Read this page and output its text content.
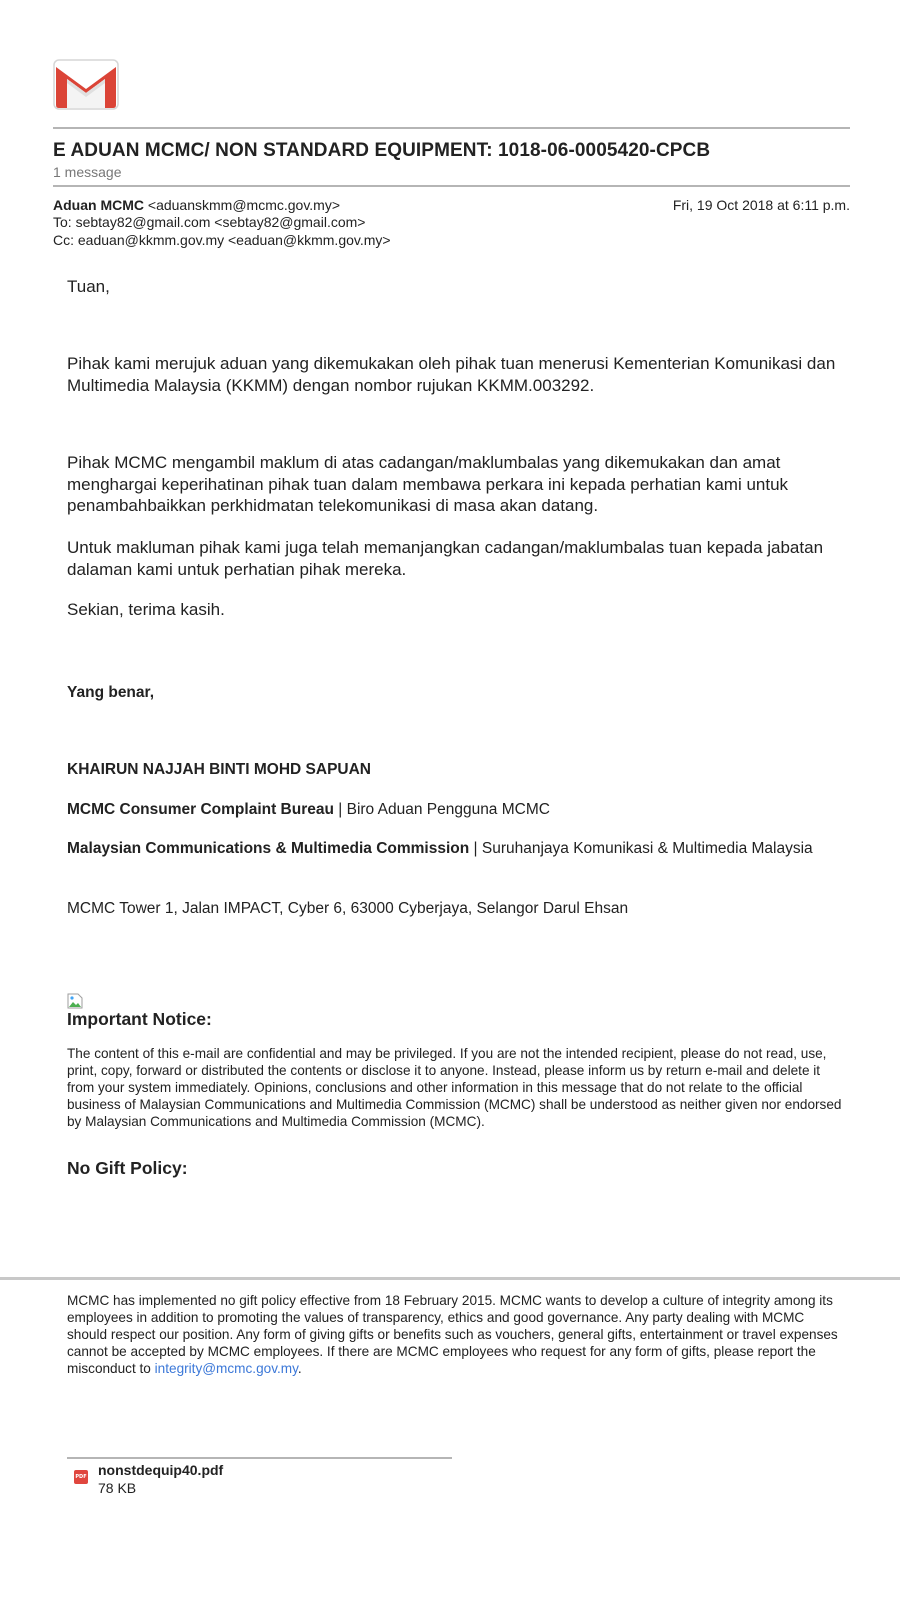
E ADUAN MCMC/ NON STANDARD EQUIPMENT: 1018-06-0005420-CPCB
1 message
Aduan MCMC <aduanskmm@mcmc.gov.my>	Fri, 19 Oct 2018 at 6:11 p.m.
To: sebtay82@gmail.com <sebtay82@gmail.com>
Cc: eaduan@kkmm.gov.my <eaduan@kkmm.gov.my>
Tuan,
Pihak kami merujuk aduan yang dikemukakan oleh pihak tuan menerusi Kementerian Komunikasi dan Multimedia Malaysia (KKMM) dengan nombor rujukan KKMM.003292.
Pihak MCMC mengambil maklum di atas cadangan/maklumbalas yang dikemukakan dan amat menghargai keperihatinan pihak tuan dalam membawa perkara ini kepada perhatian kami untuk penambahbaikkan perkhidmatan telekomunikasi di masa akan datang.
Untuk makluman pihak kami juga telah memanjangkan cadangan/maklumbalas tuan kepada jabatan dalaman kami untuk perhatian pihak mereka.
Sekian, terima kasih.
Yang benar,
KHAIRUN NAJJAH BINTI MOHD SAPUAN
MCMC Consumer Complaint Bureau | Biro Aduan Pengguna MCMC
Malaysian Communications & Multimedia Commission | Suruhanjaya Komunikasi & Multimedia Malaysia
MCMC Tower 1, Jalan IMPACT, Cyber 6, 63000 Cyberjaya, Selangor Darul Ehsan
Important Notice:
The content of this e-mail are confidential and may be privileged. If you are not the intended recipient, please do not read, use, print, copy, forward or distributed the contents or disclose it to anyone. Instead, please inform us by return e-mail and delete it from your system immediately. Opinions, conclusions and other information in this message that do not relate to the official business of Malaysian Communications and Multimedia Commission (MCMC) shall be understood as neither given nor endorsed by Malaysian Communications and Multimedia Commission (MCMC).
No Gift Policy:
MCMC has implemented no gift policy effective from 18 February 2015. MCMC wants to develop a culture of integrity among its employees in addition to promoting the values of transparency, ethics and good governance. Any party dealing with MCMC should respect our position. Any form of giving gifts or benefits such as vouchers, general gifts, entertainment or travel expenses cannot be accepted by MCMC employees. If there are MCMC employees who request for any form of gifts, please report the misconduct to integrity@mcmc.gov.my.
PDF nonstdequip40.pdf
78 KB
